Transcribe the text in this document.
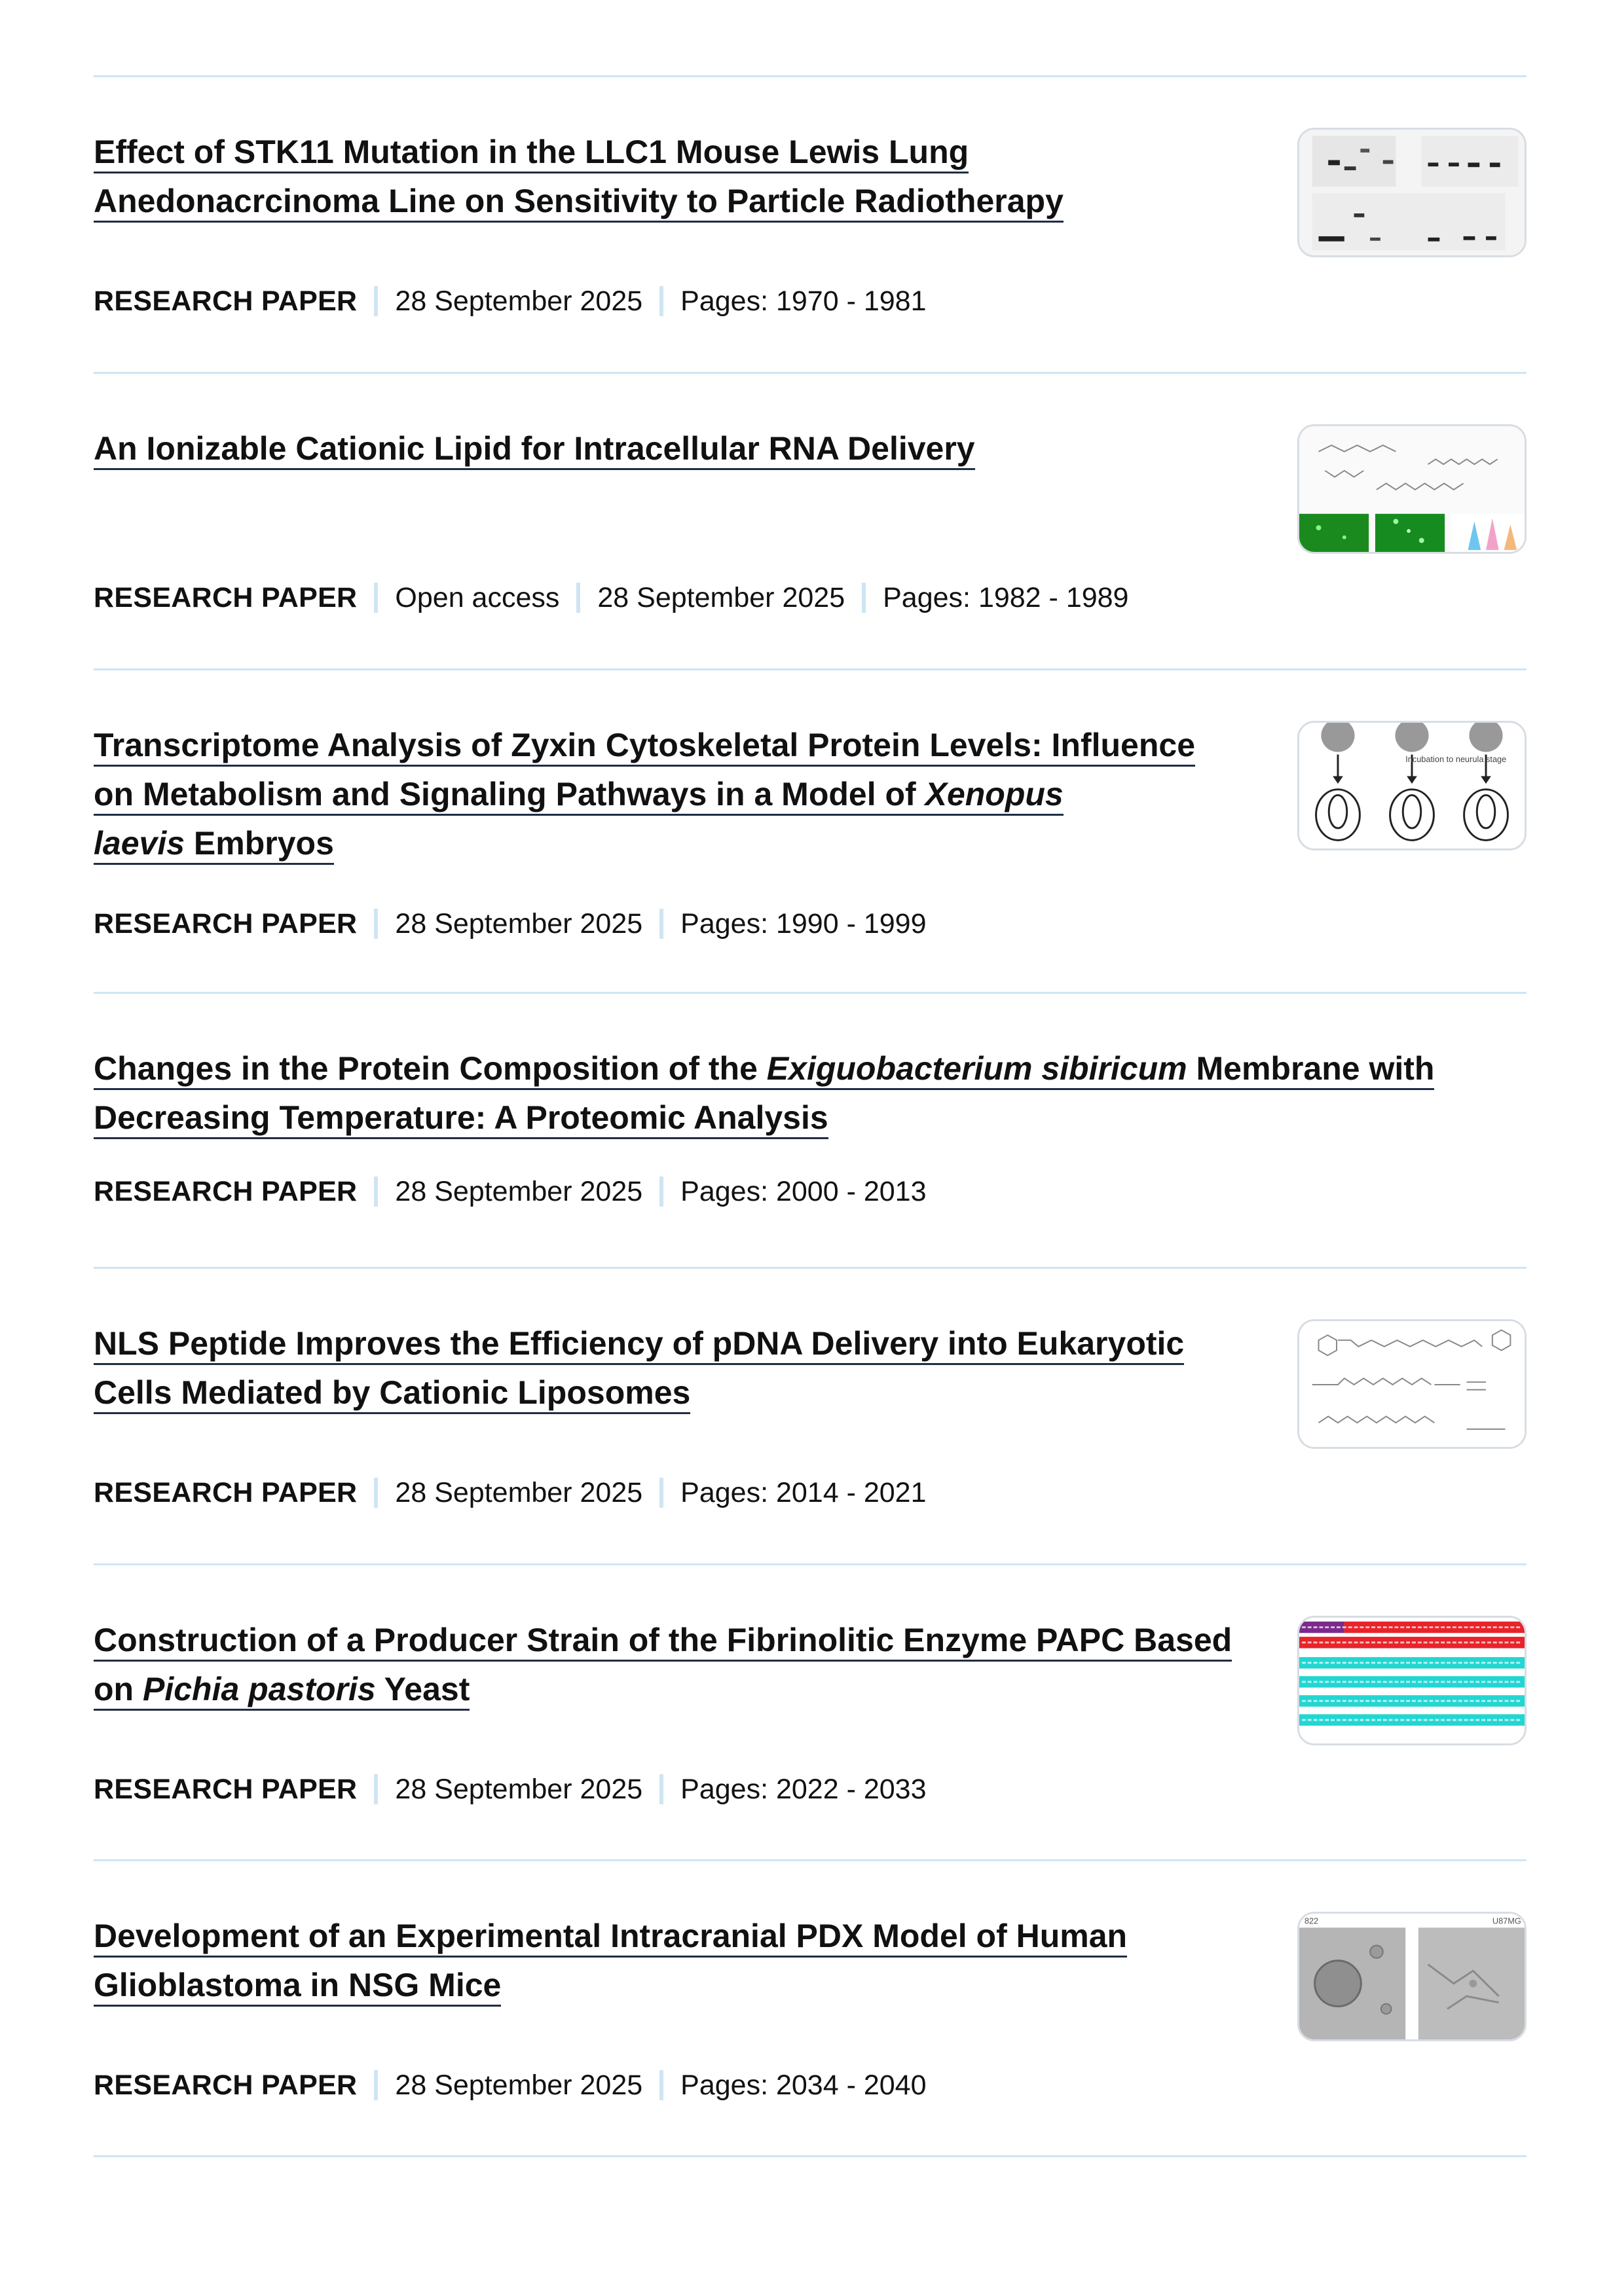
Effect of STK11 Mutation in the LLC1 Mouse Lewis Lung
Anedonacrcinoma Line on Sensitivity to Particle Radiotherapy
RESEARCH PAPER 28 September 2025 Pages: 1970 - 1981
An Ionizable Cationic Lipid for Intracellular RNA Delivery
RESEARCH PAPER Open access 28 September 2025 Pages: 1982 - 1989
Transcriptome Analysis of Zyxin Cytoskeletal Protein Levels: Influence
on Metabolism and Signaling Pathways in a Model of Xenopus
laevis Embryos
RESEARCH PAPER 28 September 2025 Pages: 1990 - 1999
Incubation to neurula stage
Changes in the Protein Composition of the Exiguobacterium sibiricum Membrane with
Decreasing Temperature: A Proteomic Analysis
RESEARCH PAPER 28 September 2025 Pages: 2000 - 2013
NLS Peptide Improves the Efficiency of pDNA Delivery into Eukaryotic
Cells Mediated by Cationic Liposomes
RESEARCH PAPER 28 September 2025 Pages: 2014 - 2021
Construction of a Producer Strain of the Fibrinolitic Enzyme PAPC Based
on Pichia pastoris Yeast
RESEARCH PAPER 28 September 2025 Pages: 2022 - 2033
Development of an Experimental Intracranial PDX Model of Human
Glioblastoma in NSG Mice
RESEARCH PAPER 28 September 2025 Pages: 2034 - 2040
822	U87MG
